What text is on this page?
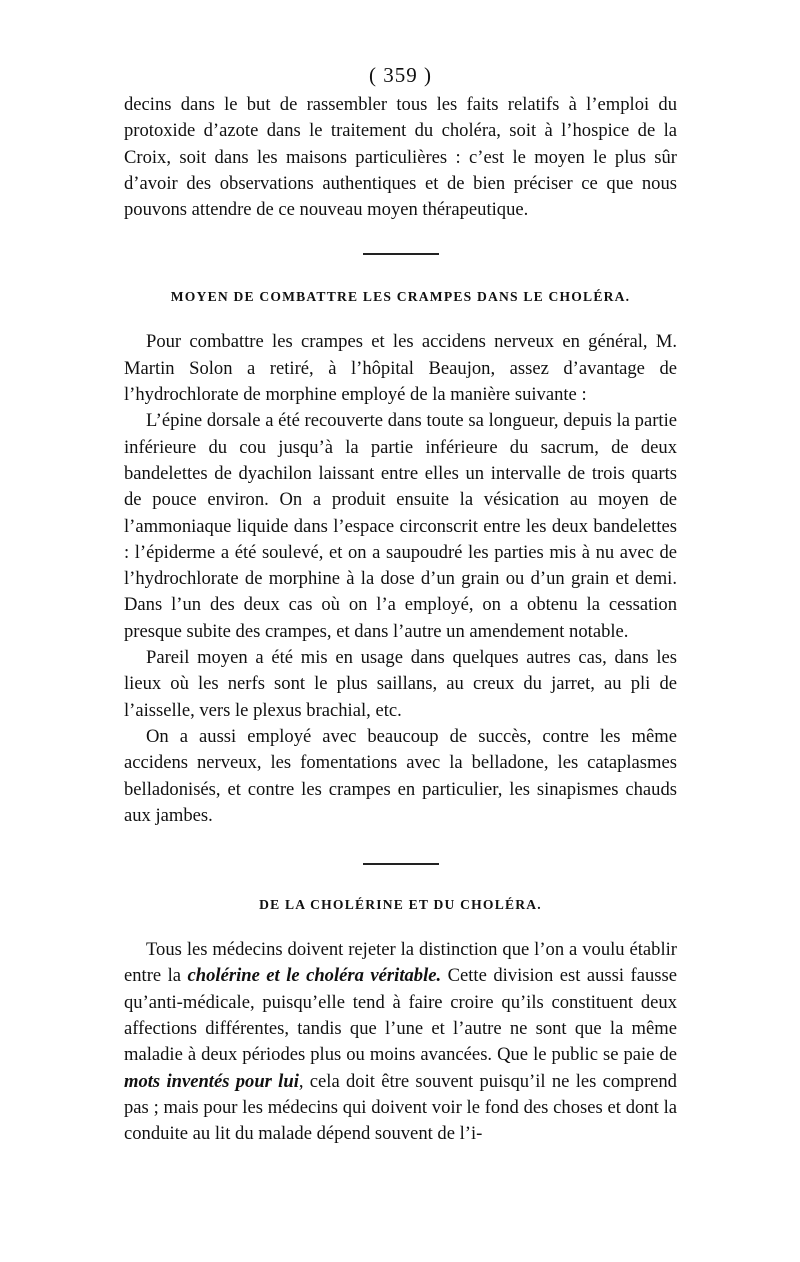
( 359 )

decins dans le but de rassembler tous les faits relatifs à l’emploi du protoxide d’azote dans le traitement du choléra, soit à l’hospice de la Croix, soit dans les maisons particulières : c’est le moyen le plus sûr d’avoir des observations authentiques et de bien préciser ce que nous pouvons attendre de ce nouveau moyen thérapeutique.

MOYEN DE COMBATTRE LES CRAMPES DANS LE CHOLÉRA.

Pour combattre les crampes et les accidens nerveux en général, M. Martin Solon a retiré, à l’hôpital Beaujon, assez d’avantage de l’hydrochlorate de morphine employé de la manière suivante :

L’épine dorsale a été recouverte dans toute sa longueur, depuis la partie inférieure du cou jusqu’à la partie inférieure du sacrum, de deux bandelettes de dyachilon laissant entre elles un intervalle de trois quarts de pouce environ. On a produit ensuite la vésication au moyen de l’ammoniaque liquide dans l’espace circonscrit entre les deux bandelettes : l’épiderme a été soulevé, et on a saupoudré les parties mis à nu avec de l’hydrochlorate de morphine à la dose d’un grain ou d’un grain et demi. Dans l’un des deux cas où on l’a employé, on a obtenu la cessation presque subite des crampes, et dans l’autre un amendement notable.

Pareil moyen a été mis en usage dans quelques autres cas, dans les lieux où les nerfs sont le plus saillans, au creux du jarret, au pli de l’aisselle, vers le plexus brachial, etc.

On a aussi employé avec beaucoup de succès, contre les même accidens nerveux, les fomentations avec la belladone, les cataplasmes belladonisés, et contre les crampes en particulier, les sinapismes chauds aux jambes.

DE LA CHOLÉRINE ET DU CHOLÉRA.

Tous les médecins doivent rejeter la distinction que l’on a voulu établir entre la cholérine et le choléra véritable. Cette division est aussi fausse qu’anti-médicale, puisqu’elle tend à faire croire qu’ils constituent deux affections différentes, tandis que l’une et l’autre ne sont que la même maladie à deux périodes plus ou moins avancées. Que le public se paie de mots inventés pour lui, cela doit être souvent puisqu’il ne les comprend pas ; mais pour les médecins qui doivent voir le fond des choses et dont la conduite au lit du malade dépend souvent de l’i-
